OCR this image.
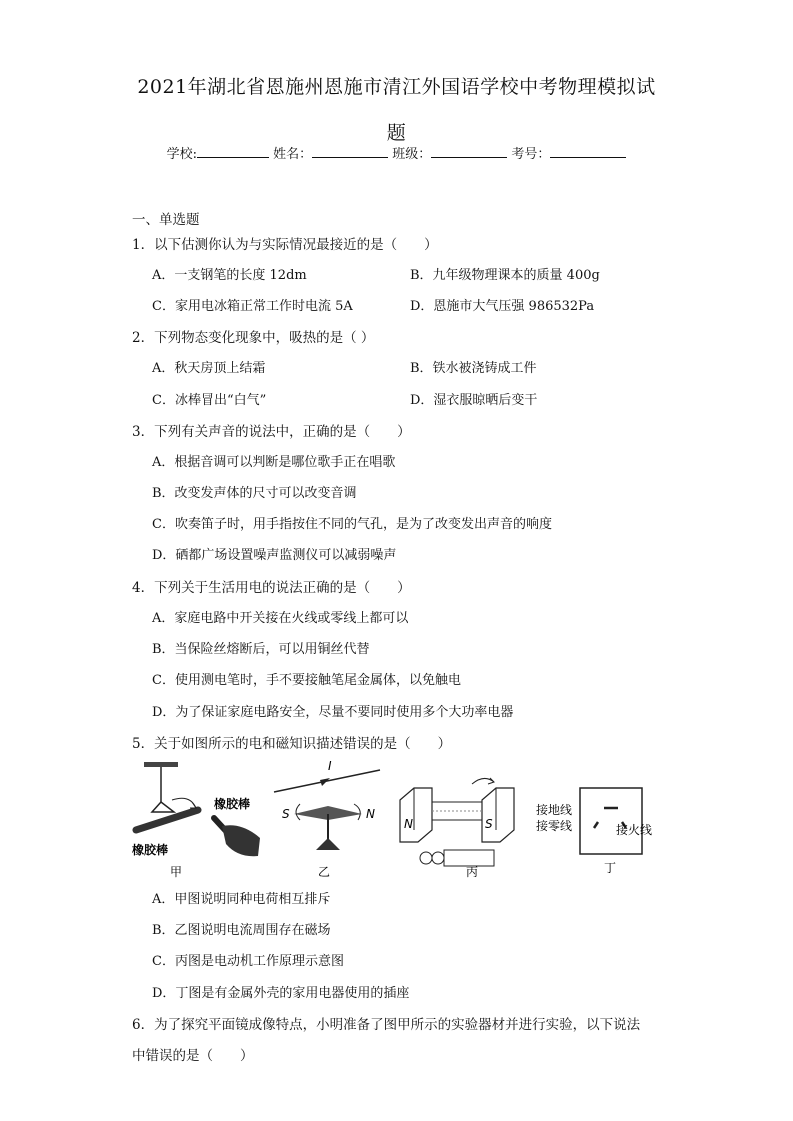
2021年湖北省恩施州恩施市清江外国语学校中考物理模拟试
题
学校:	姓名：	班级：	考号：
一、单选题
1．以下估测你认为与实际情况最接近的是（　　）
A．一支钢笔的长度 12dm	B．九年级物理课本的质量 400g
C．家用电冰箱正常工作时电流 5A	D．恩施市大气压强 986532Pa
2．下列物态变化现象中，吸热的是（ ）
A．秋天房顶上结霜	B．铁水被浇铸成工件
C．冰棒冒出“白气”	D．湿衣服晾晒后变干
3．下列有关声音的说法中，正确的是（　　）
A．根据音调可以判断是哪位歌手正在唱歌
B．改变发声体的尺寸可以改变音调
C．吹奏笛子时，用手指按住不同的气孔，是为了改变发出声音的响度
D．硒都广场设置噪声监测仪可以减弱噪声
4．下列关于生活用电的说法正确的是（　　）
A．家庭电路中开关接在火线或零线上都可以
B．当保险丝熔断后，可以用铜丝代替
C．使用测电笔时，手不要接触笔尾金属体，以免触电
D．为了保证家庭电路安全，尽量不要同时使用多个大功率电器
5．关于如图所示的电和磁知识描述错误的是（　　）
橡胶棒
橡胶棒
甲
I
S	N
乙
N	S
丙
接地线
接零线	接火线
丁
A．甲图说明同种电荷相互排斥
B．乙图说明电流周围存在磁场
C．丙图是电动机工作原理示意图
D．丁图是有金属外壳的家用电器使用的插座
6．为了探究平面镜成像特点，小明准备了图甲所示的实验器材并进行实验，以下说法
中错误的是（　　）
